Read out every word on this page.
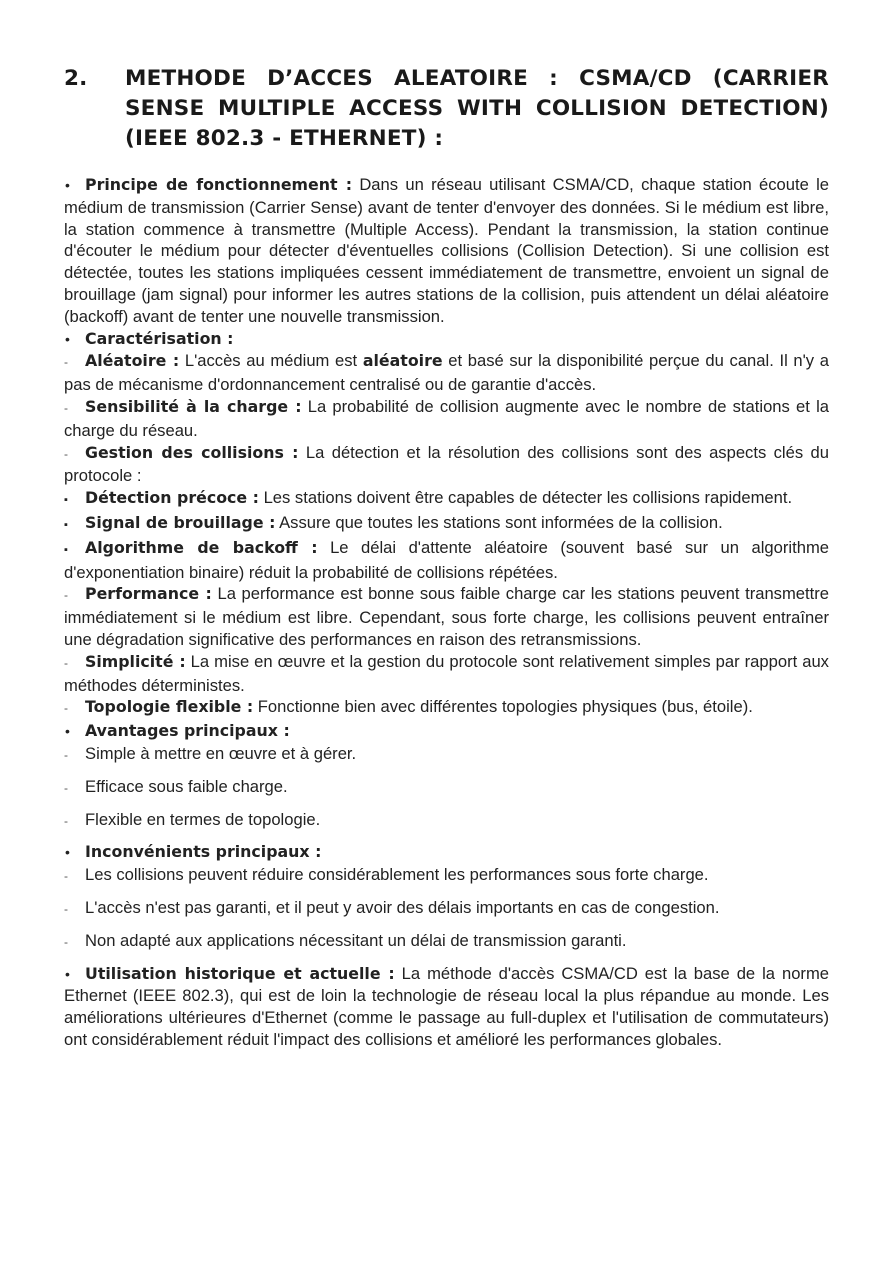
2.	METHODE D’ACCES ALEATOIRE : CSMA/CD (CARRIER SENSE MULTIPLE ACCESS WITH COLLISION DETECTION) (IEEE 802.3 - ETHERNET) :

• Principe de fonctionnement : Dans un réseau utilisant CSMA/CD, chaque station écoute le médium de transmission (Carrier Sense) avant de tenter d'envoyer des données. Si le médium est libre, la station commence à transmettre (Multiple Access). Pendant la transmission, la station continue d'écouter le médium pour détecter d'éventuelles collisions (Collision Detection). Si une collision est détectée, toutes les stations impliquées cessent immédiatement de transmettre, envoient un signal de brouillage (jam signal) pour informer les autres stations de la collision, puis attendent un délai aléatoire (backoff) avant de tenter une nouvelle transmission.

• Caractérisation :

- Aléatoire : L'accès au médium est aléatoire et basé sur la disponibilité perçue du canal. Il n'y a pas de mécanisme d'ordonnancement centralisé ou de garantie d'accès.

- Sensibilité à la charge : La probabilité de collision augmente avec le nombre de stations et la charge du réseau.

- Gestion des collisions : La détection et la résolution des collisions sont des aspects clés du protocole :

▪ Détection précoce : Les stations doivent être capables de détecter les collisions rapidement.

▪ Signal de brouillage : Assure que toutes les stations sont informées de la collision.

▪ Algorithme de backoff : Le délai d'attente aléatoire (souvent basé sur un algorithme d'exponentiation binaire) réduit la probabilité de collisions répétées.

- Performance : La performance est bonne sous faible charge car les stations peuvent transmettre immédiatement si le médium est libre. Cependant, sous forte charge, les collisions peuvent entraîner une dégradation significative des performances en raison des retransmissions.

- Simplicité : La mise en œuvre et la gestion du protocole sont relativement simples par rapport aux méthodes déterministes.

- Topologie flexible : Fonctionne bien avec différentes topologies physiques (bus, étoile).

• Avantages principaux :

- Simple à mettre en œuvre et à gérer.

- Efficace sous faible charge.

- Flexible en termes de topologie.

• Inconvénients principaux :

- Les collisions peuvent réduire considérablement les performances sous forte charge.

- L'accès n'est pas garanti, et il peut y avoir des délais importants en cas de congestion.

- Non adapté aux applications nécessitant un délai de transmission garanti.

• Utilisation historique et actuelle : La méthode d'accès CSMA/CD est la base de la norme Ethernet (IEEE 802.3), qui est de loin la technologie de réseau local la plus répandue au monde. Les améliorations ultérieures d'Ethernet (comme le passage au full-duplex et l'utilisation de commutateurs) ont considérablement réduit l'impact des collisions et amélioré les performances globales.
